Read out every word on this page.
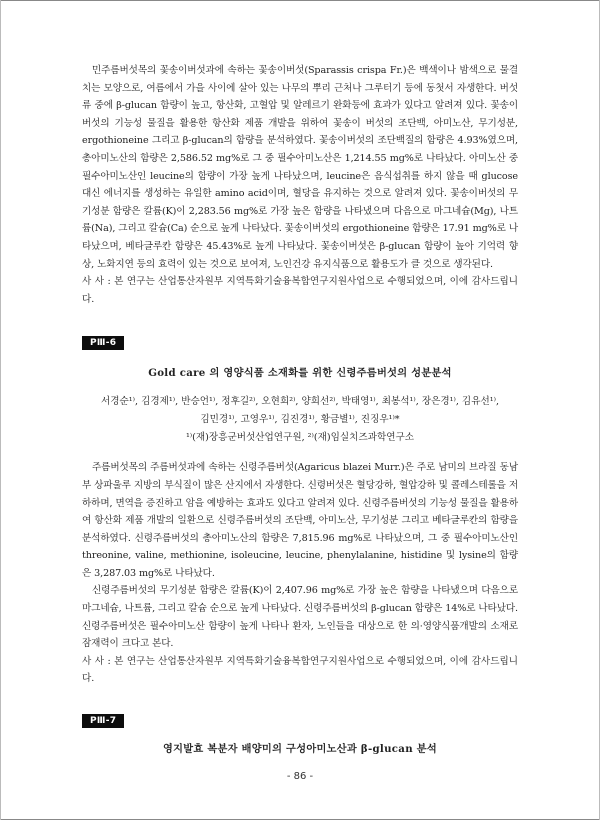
민주름버섯목의 꽃송이버섯과에 속하는 꽃송이버섯(Sparassis crispa Fr.)은 백색이나 밤색으로 물결치는 모양으로, 여름에서 가을 사이에 살아 있는 나무의 뿌리 근처나 그루터기 등에 동첫서 자생한다. 버섯류 중에 β-glucan 함량이 높고, 항산화, 고혈압 및 알레르기 완화등에 효과가 있다고 알려져 있다. 꽃송이 버섯의 기능성 물질을 활용한 항산화 제품 개발을 위하여 꽃송이 버섯의 조단백, 아미노산, 무기성분, ergothioneine 그리고 β-glucan의 함량을 분석하였다. 꽃송이버섯의 조단백질의 함량은 4.93%였으며, 총아미노산의 함량은 2,586.52 mg%로 그 중 필수아미노산은 1,214.55 mg%로 나타났다. 아미노산 중 필수아미노산인 leucine의 함량이 가장 높게 나타났으며, leucine은 음식섭취를 하지 않을 때 glucose 대신 에너지를 생성하는 유일한 amino acid이며, 혈당을 유지하는 것으로 알려져 있다. 꽃송이버섯의 무기성분 함량은 칼륨(K)이 2,283.56 mg%로 가장 높은 함량을 나타냈으며 다음으로 마그네슘(Mg), 나트륨(Na), 그리고 칼슘(Ca) 순으로 높게 나타났다. 꽃송이버섯의 ergothioneine 함량은 17.91 mg%로 나타났으며, 베타글루칸 함량은 45.43%로 높게 나타났다. 꽃송이버섯은 β-glucan 함량이 높아 기억력 향상, 노화지연 등의 효력이 있는 것으로 보여져, 노인건강 유지식품으로 활용도가 클 것으로 생각된다.

사 사 : 본 연구는 산업통산자원부 지역특화기술융복합연구지원사업으로 수행되었으며, 이에 감사드립니다.

PⅢ-6
Gold care 의 영양식품 소재화를 위한 신령주름버섯의 성분분석
서경순¹⁾, 김경제¹⁾, 반승언¹⁾, 정후길²⁾, 오현희²⁾, 양희선²⁾, 박태영¹⁾, 최봉석¹⁾, 장은경¹⁾, 김유선¹⁾,
김민경¹⁾, 고영우¹⁾, 김진경¹⁾, 황금별¹⁾, 진징우¹⁾*
¹⁾(재)장흥군버섯산업연구원, ²⁾(재)임실치즈과학연구소

주름버섯목의 주름버섯과에 속하는 신령주름버섯(Agaricus blazei Murr.)은 주로 남미의 브라질 동남부 상파울루 지방의 부식질이 많은 산지에서 자생한다. 신령버섯은 혈당강하, 혈압강하 및 콜레스테롤을 저하하며, 면역을 증진하고 암을 예방하는 효과도 있다고 알려져 있다. 신령주름버섯의 기능성 물질을 활용하여 항산화 제품 개발의 일환으로 신령주름버섯의 조단백, 아미노산, 무기성분 그리고 베타글루칸의 함량을 분석하였다. 신령주름버섯의 총아미노산의 함량은 7,815.96 mg%로 나타났으며, 그 중 필수아미노산인 threonine, valine, methionine, isoleucine, leucine, phenylalanine, histidine 및 lysine의 함량은 3,287.03 mg%로 나타났다.

신령주름버섯의 무기성분 함량은 칼륨(K)이 2,407.96 mg%로 가장 높은 함량을 나타냈으며 다음으로 마그네슘, 나트륨, 그리고 칼슘 순으로 높게 나타났다. 신령주름버섯의 β-glucan 함량은 14%로 나타났다. 신령주름버섯은 필수아미노산 함량이 높게 나타나 환자, 노인들을 대상으로 한 의·영양식품개발의 소재로 잠재력이 크다고 본다.

사 사 : 본 연구는 산업통산자원부 지역특화기술융복합연구지원사업으로 수행되었으며, 이에 감사드립니다.

PⅢ-7
영지발효 복분자 배양미의 구성아미노산과 β-glucan 분석
- 86 -
